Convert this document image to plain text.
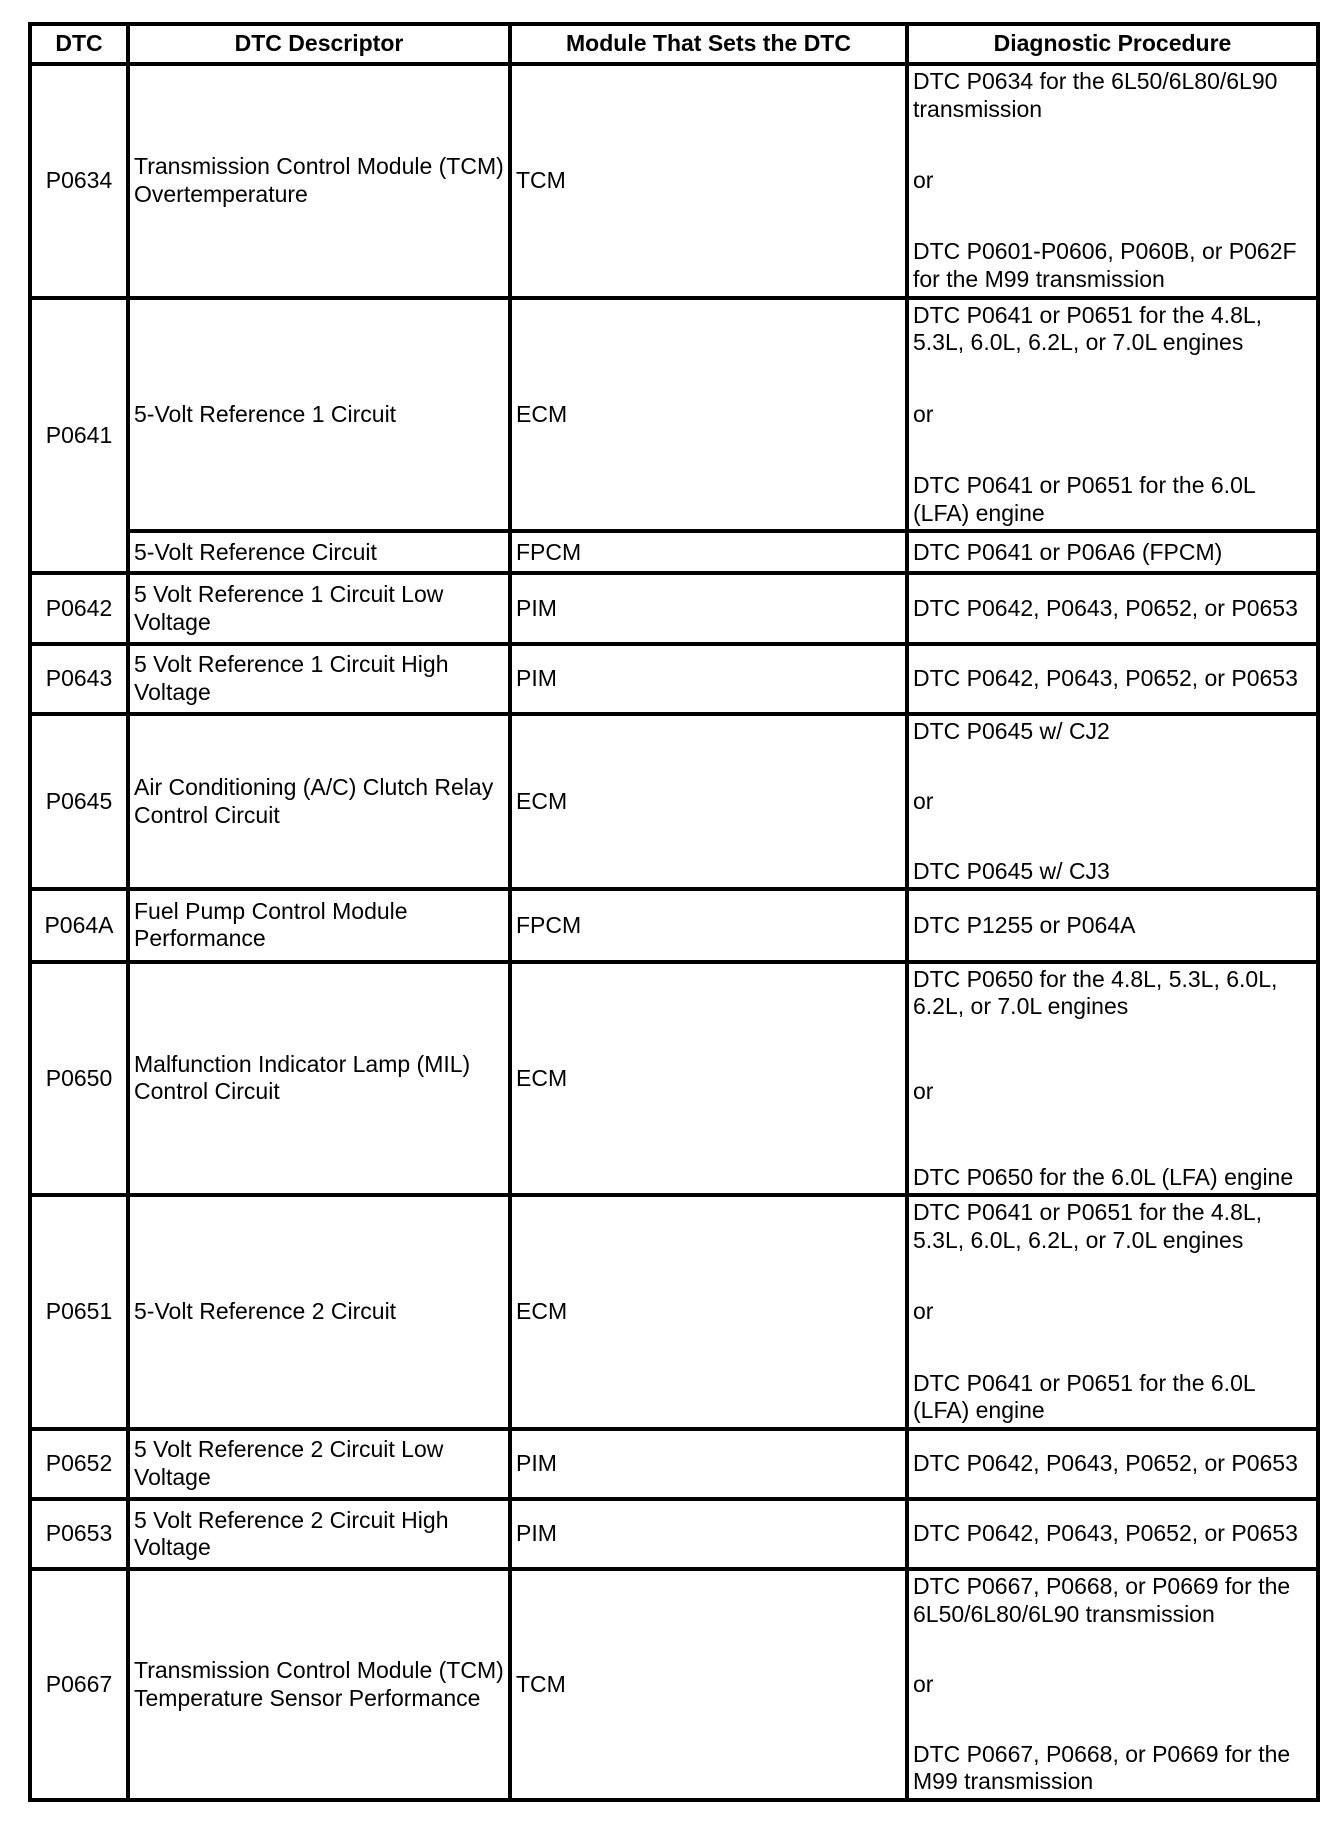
DTC	DTC Descriptor	Module That Sets the DTC	Diagnostic Procedure
P0634	Transmission Control Module (TCM) Overtemperature	TCM	DTC P0634 for the 6L50/6L80/6L90 transmission
or
DTC P0601-P0606, P060B, or P062F for the M99 transmission

P0641	5-Volt Reference 1 Circuit	ECM	DTC P0641 or P0651 for the 4.8L, 5.3L, 6.0L, 6.2L, or 7.0L engines
or
DTC P0641 or P0651 for the 6.0L (LFA) engine

	5-Volt Reference Circuit	FPCM	DTC P0641 or P06A6 (FPCM)
P0642	5 Volt Reference 1 Circuit Low Voltage	PIM	DTC P0642, P0643, P0652, or P0653
P0643	5 Volt Reference 1 Circuit High Voltage	PIM	DTC P0642, P0643, P0652, or P0653
P0645	Air Conditioning (A/C) Clutch Relay Control Circuit	ECM	DTC P0645 w/ CJ2
or
DTC P0645 w/ CJ3

P064A	Fuel Pump Control Module Performance	FPCM	DTC P1255 or P064A
P0650	Malfunction Indicator Lamp (MIL) Control Circuit	ECM	DTC P0650 for the 4.8L, 5.3L, 6.0L, 6.2L, or 7.0L engines
or
DTC P0650 for the 6.0L (LFA) engine

P0651	5-Volt Reference 2 Circuit	ECM	DTC P0641 or P0651 for the 4.8L, 5.3L, 6.0L, 6.2L, or 7.0L engines
or
DTC P0641 or P0651 for the 6.0L (LFA) engine

P0652	5 Volt Reference 2 Circuit Low Voltage	PIM	DTC P0642, P0643, P0652, or P0653
P0653	5 Volt Reference 2 Circuit High Voltage	PIM	DTC P0642, P0643, P0652, or P0653
P0667	Transmission Control Module (TCM) Temperature Sensor Performance	TCM	DTC P0667, P0668, or P0669 for the 6L50/6L80/6L90 transmission
or
DTC P0667, P0668, or P0669 for the M99 transmission
